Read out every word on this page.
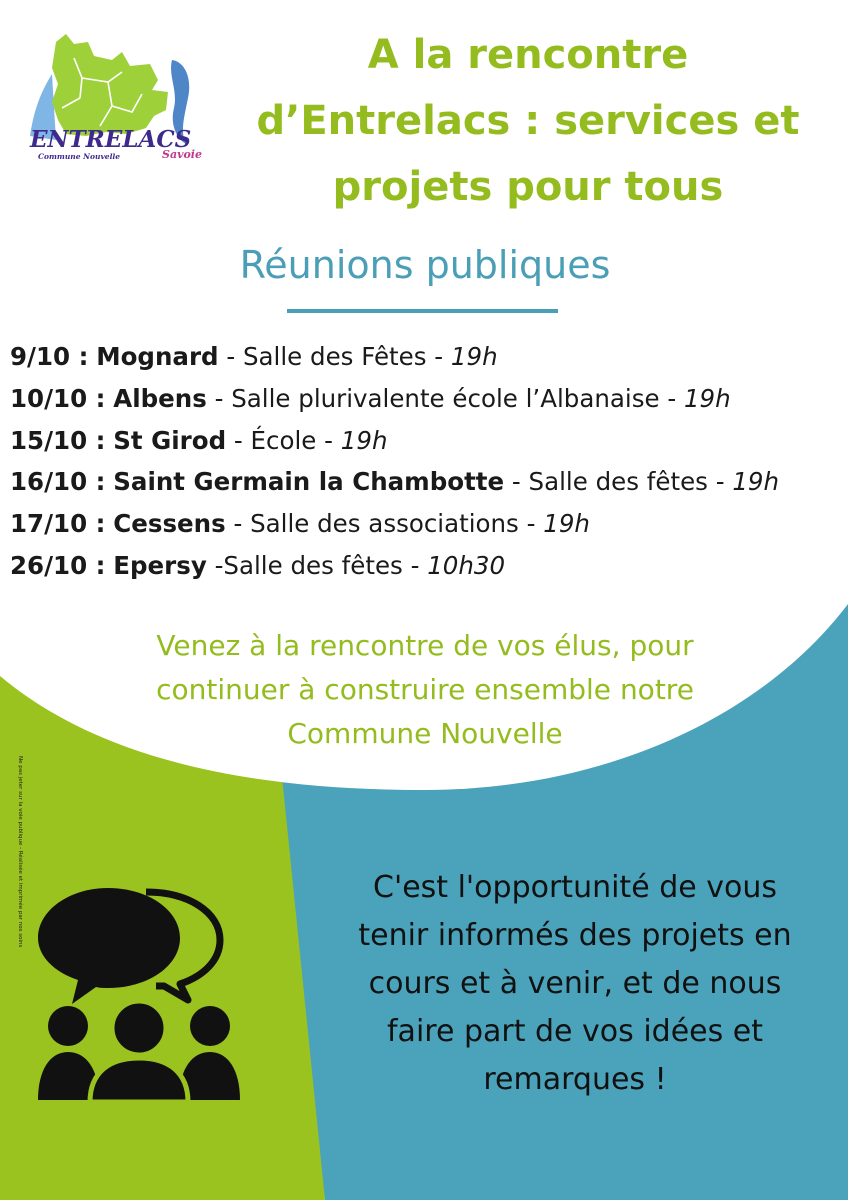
ENTRELACS
Commune Nouvelle	Savoie
A la rencontre
d’Entrelacs : services et
projets pour tous
Réunions publiques
9/10 : Mognard - Salle des Fêtes - 19h
10/10 : Albens - Salle plurivalente école l’Albanaise - 19h
15/10 : St Girod - École - 19h
16/10 : Saint Germain la Chambotte - Salle des fêtes - 19h
17/10 : Cessens - Salle des associations - 19h
26/10 : Epersy -Salle des fêtes - 10h30
Venez à la rencontre de vos élus, pour
continuer à construire ensemble notre
Commune Nouvelle
Ne pas jeter sur la voie publique - Réalisée et imprimée par nos soins	C'est l'opportunité de vous
tenir informés des projets en
cours et à venir, et de nous
faire part de vos idées et
remarques !
